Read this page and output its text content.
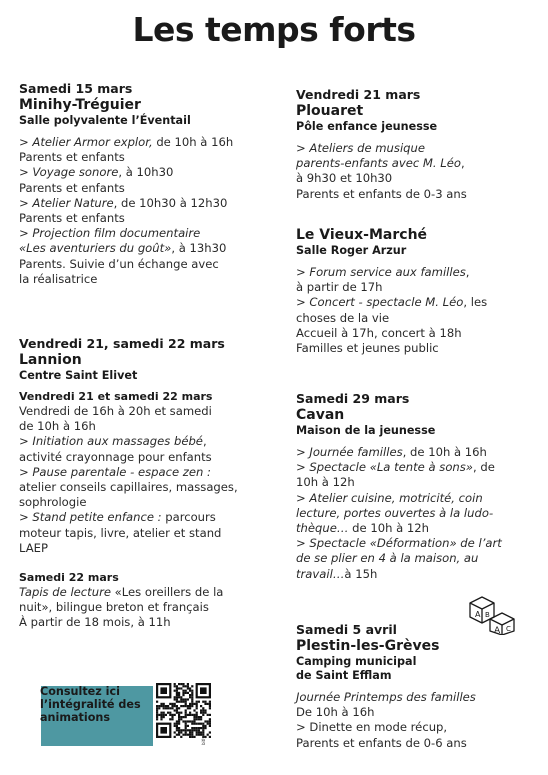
Les temps forts
Samedi 15 mars
Minihy-Tréguier
Salle polyvalente l’Éventail

> Atelier Armor explor, de 10h à 16h

Parents et enfants

> Voyage sonore, à 10h30

Parents et enfants

> Atelier Nature, de 10h30 à 12h30

Parents et enfants

> Projection film documentaire

«Les aventuriers du goût», à 13h30

Parents. Suivie d’un échange avec

la réalisatrice

Vendredi 21, samedi 22 mars
Lannion
Centre Saint Elivet
Vendredi 21 et samedi 22 mars

Vendredi de 16h à 20h et samedi

de 10h à 16h

> Initiation aux massages bébé,

activité crayonnage pour enfants

> Pause parentale - espace zen :

atelier conseils capillaires, massages,

sophrologie

> Stand petite enfance : parcours

moteur tapis, livre, atelier et stand

LAEP

Samedi 22 mars

Tapis de lecture «Les oreillers de la

nuit», bilingue breton et français

À partir de 18 mois, à 11h

Vendredi 21 mars
Plouaret
Pôle enfance jeunesse

> Ateliers de musique

parents-enfants avec M. Léo,

à 9h30 et 10h30

Parents et enfants de 0-3 ans

Le Vieux-Marché
Salle Roger Arzur

> Forum service aux familles,

à partir de 17h

> Concert - spectacle M. Léo, les

choses de la vie

Accueil à 17h, concert à 18h

Familles et jeunes public

Samedi 29 mars
Cavan
Maison de la jeunesse

> Journée familles, de 10h à 16h

> Spectacle «La tente à sons», de

10h à 12h

> Atelier cuisine, motricité, coin

lecture, portes ouvertes à la ludo-

thèque… de 10h à 12h

> Spectacle «Déformation» de l’art

de se plier en 4 à la maison, au

travail…à 15h

Samedi 5 avril
Plestin-les-Grèves
Camping municipal
de Saint Efflam

Journée Printemps des familles

De 10h à 16h

> Dinette en mode récup,

Parents et enfants de 0-6 ans

A
A C
B
Consultez ici
l’intégralité des
animations
bitly
